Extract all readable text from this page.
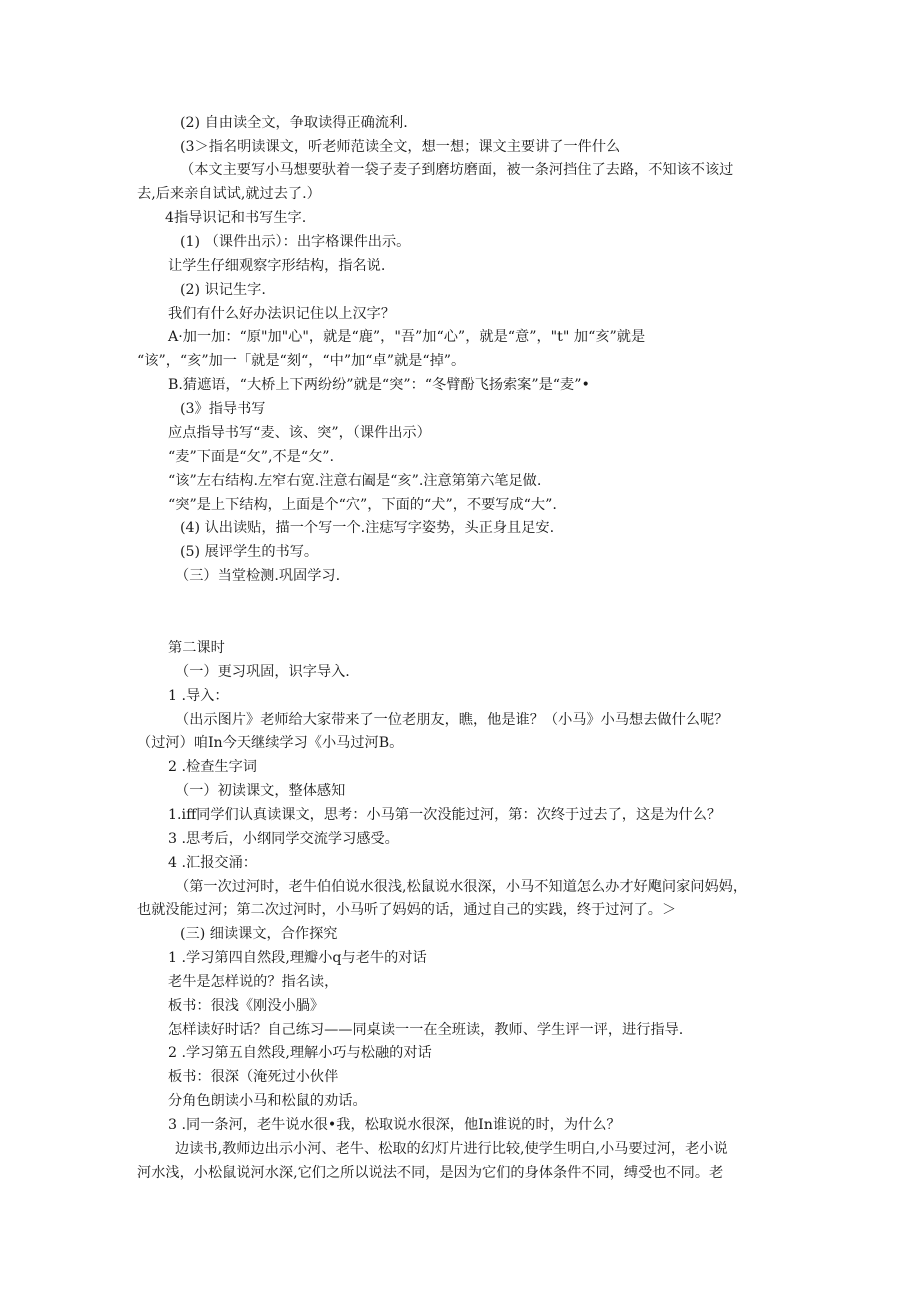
(2) 自由读全文，争取读得正确流利.
(3＞指名明读课文，听老师范读全文，想一想；课文主要讲了一件什么
（本文主要写小马想要驮着一袋子麦子到磨坊磨面，被一条河挡住了去路，不知该不该过
去,后来亲自试试,就过去了.）
4指导识记和书写生字.
(1) （课件出示）：出字格课件出示。
让学生仔细观察字形结构，指名说.
(2) 识记生字.
我们有什么好办法识记住以上汉字？
A·加一加：“原"加"心"，就是“鹿”，"吾”加“心”，就是“意”，"t" 加“亥”就是
“该”，“亥”加一「就是“刻“，“中”加“卓”就是“掉”。
B.猜遮语，“大桥上下两纷纷”就是“突”：“冬臂酚飞扬索案”是“麦”•
(3》指导书写
应点指导书写“麦、该、突”，（课件出示）
“麦”下面是“攵”,不是“攵”.
“该”左右结构.左窄右宽.注意右阖是“亥”.注意第第六笔足做.
“突”是上下结构，上面是个“穴”，下面的“犬”，不要写成“大”.
(4) 认出读贴，描一个写一个.注痣写字姿势，头正身且足安.
(5) 展评学生的书写。
（三）当堂检测.巩固学习.
第二课时
（一）更习巩固，识字导入.
1 .导入：
（出示图片》老师给大家带来了一位老朋友，瞧，他是谁？（小马》小马想去做什么呢？
（过河）咱In今天继续学习《小马过河B。
2 .检查生字词
（一）初读课文，整体感知
1.iff同学们认真读课文，思考：小马第一次没能过河，第：次终于过去了，这是为什么？
3 .思考后，小纲同学交流学习感受。
4 .汇报交涌：
（第一次过河时，老牛伯伯说水很浅,松鼠说水很深，小马不知道怎么办才好飑问家问妈妈，
也就没能过河；第二次过河时，小马听了妈妈的话，通过自己的实践，终于过河了。＞
(三) 细读课文，合作探究
1 .学习第四自然段,理瓣小q与老牛的对话
老牛是怎样说的？指名读，
板书：很浅《刚没小腡》
怎样读好时话？自己练习——同桌读一一在全班读，教师、学生评一评，进行指导.
2 .学习第五自然段,理解小巧与松融的对话
板书：很深（淹死过小伙伴
分角色朗读小马和松鼠的劝话。
3 .同一条河，老牛说水很•我，松取说水很深，他In谁说的时，为什么？
边读书,教师边出示小河、老牛、松取的幻灯片进行比较,使学生明白,小马要过河，老小说
河水浅，小松鼠说河水深,它们之所以说法不同，是因为它们的身体条件不同，缚受也不同。老
